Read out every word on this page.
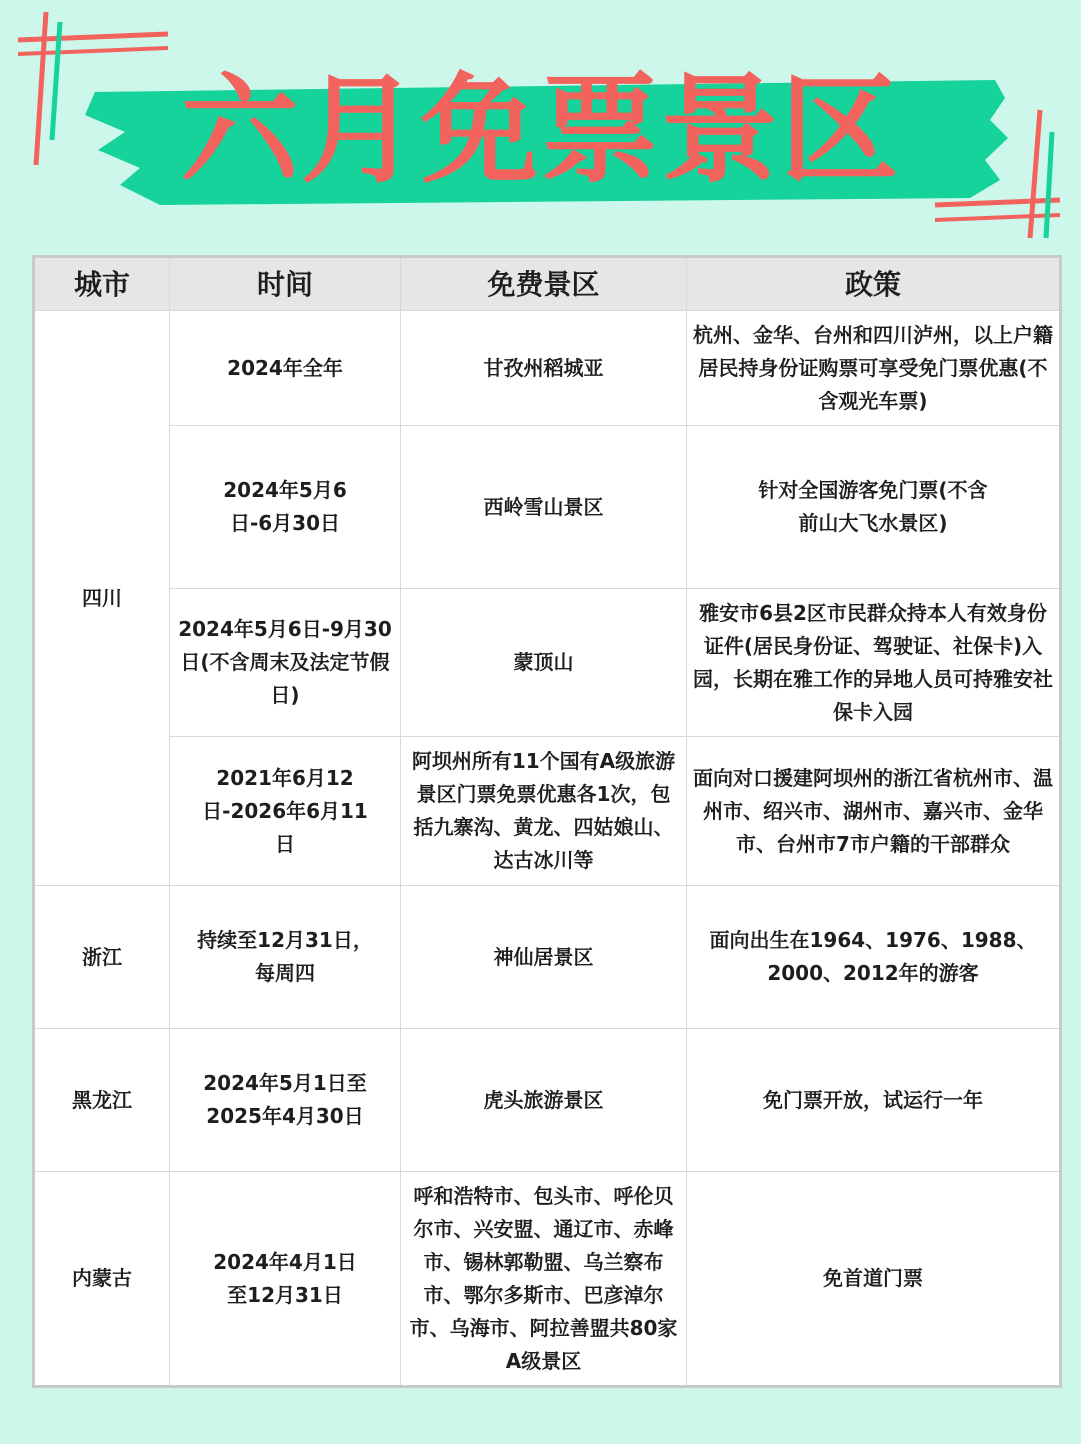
六月免票景区
城市	时间	免费景区	政策
四川	2024年全年	甘孜州稻城亚	杭州、金华、台州和四川泸州，以上户籍居民持身份证购票可享受免门票优惠(不含观光车票)
	2024年5月6日-6月30日	西岭雪山景区	针对全国游客免门票(不含前山大飞水景区)
	2024年5月6日-9月30日(不含周末及法定节假日)	蒙顶山	雅安市6县2区市民群众持本人有效身份证件(居民身份证、驾驶证、社保卡)入园，长期在雅工作的异地人员可持雅安社保卡入园
	2021年6月12日-2026年6月11日	阿坝州所有11个国有A级旅游景区门票免票优惠各1次，包括九寨沟、黄龙、四姑娘山、达古冰川等	面向对口援建阿坝州的浙江省杭州市、温州市、绍兴市、湖州市、嘉兴市、金华市、台州市7市户籍的干部群众
浙江	持续至12月31日，每周四	神仙居景区	面向出生在1964、1976、1988、2000、2012年的游客
黑龙江	2024年5月1日至2025年4月30日	虎头旅游景区	免门票开放，试运行一年
内蒙古	2024年4月1日至12月31日	呼和浩特市、包头市、呼伦贝尔市、兴安盟、通辽市、赤峰市、锡林郭勒盟、乌兰察布市、鄂尔多斯市、巴彦淖尔市、乌海市、阿拉善盟共80家A级景区	免首道门票
